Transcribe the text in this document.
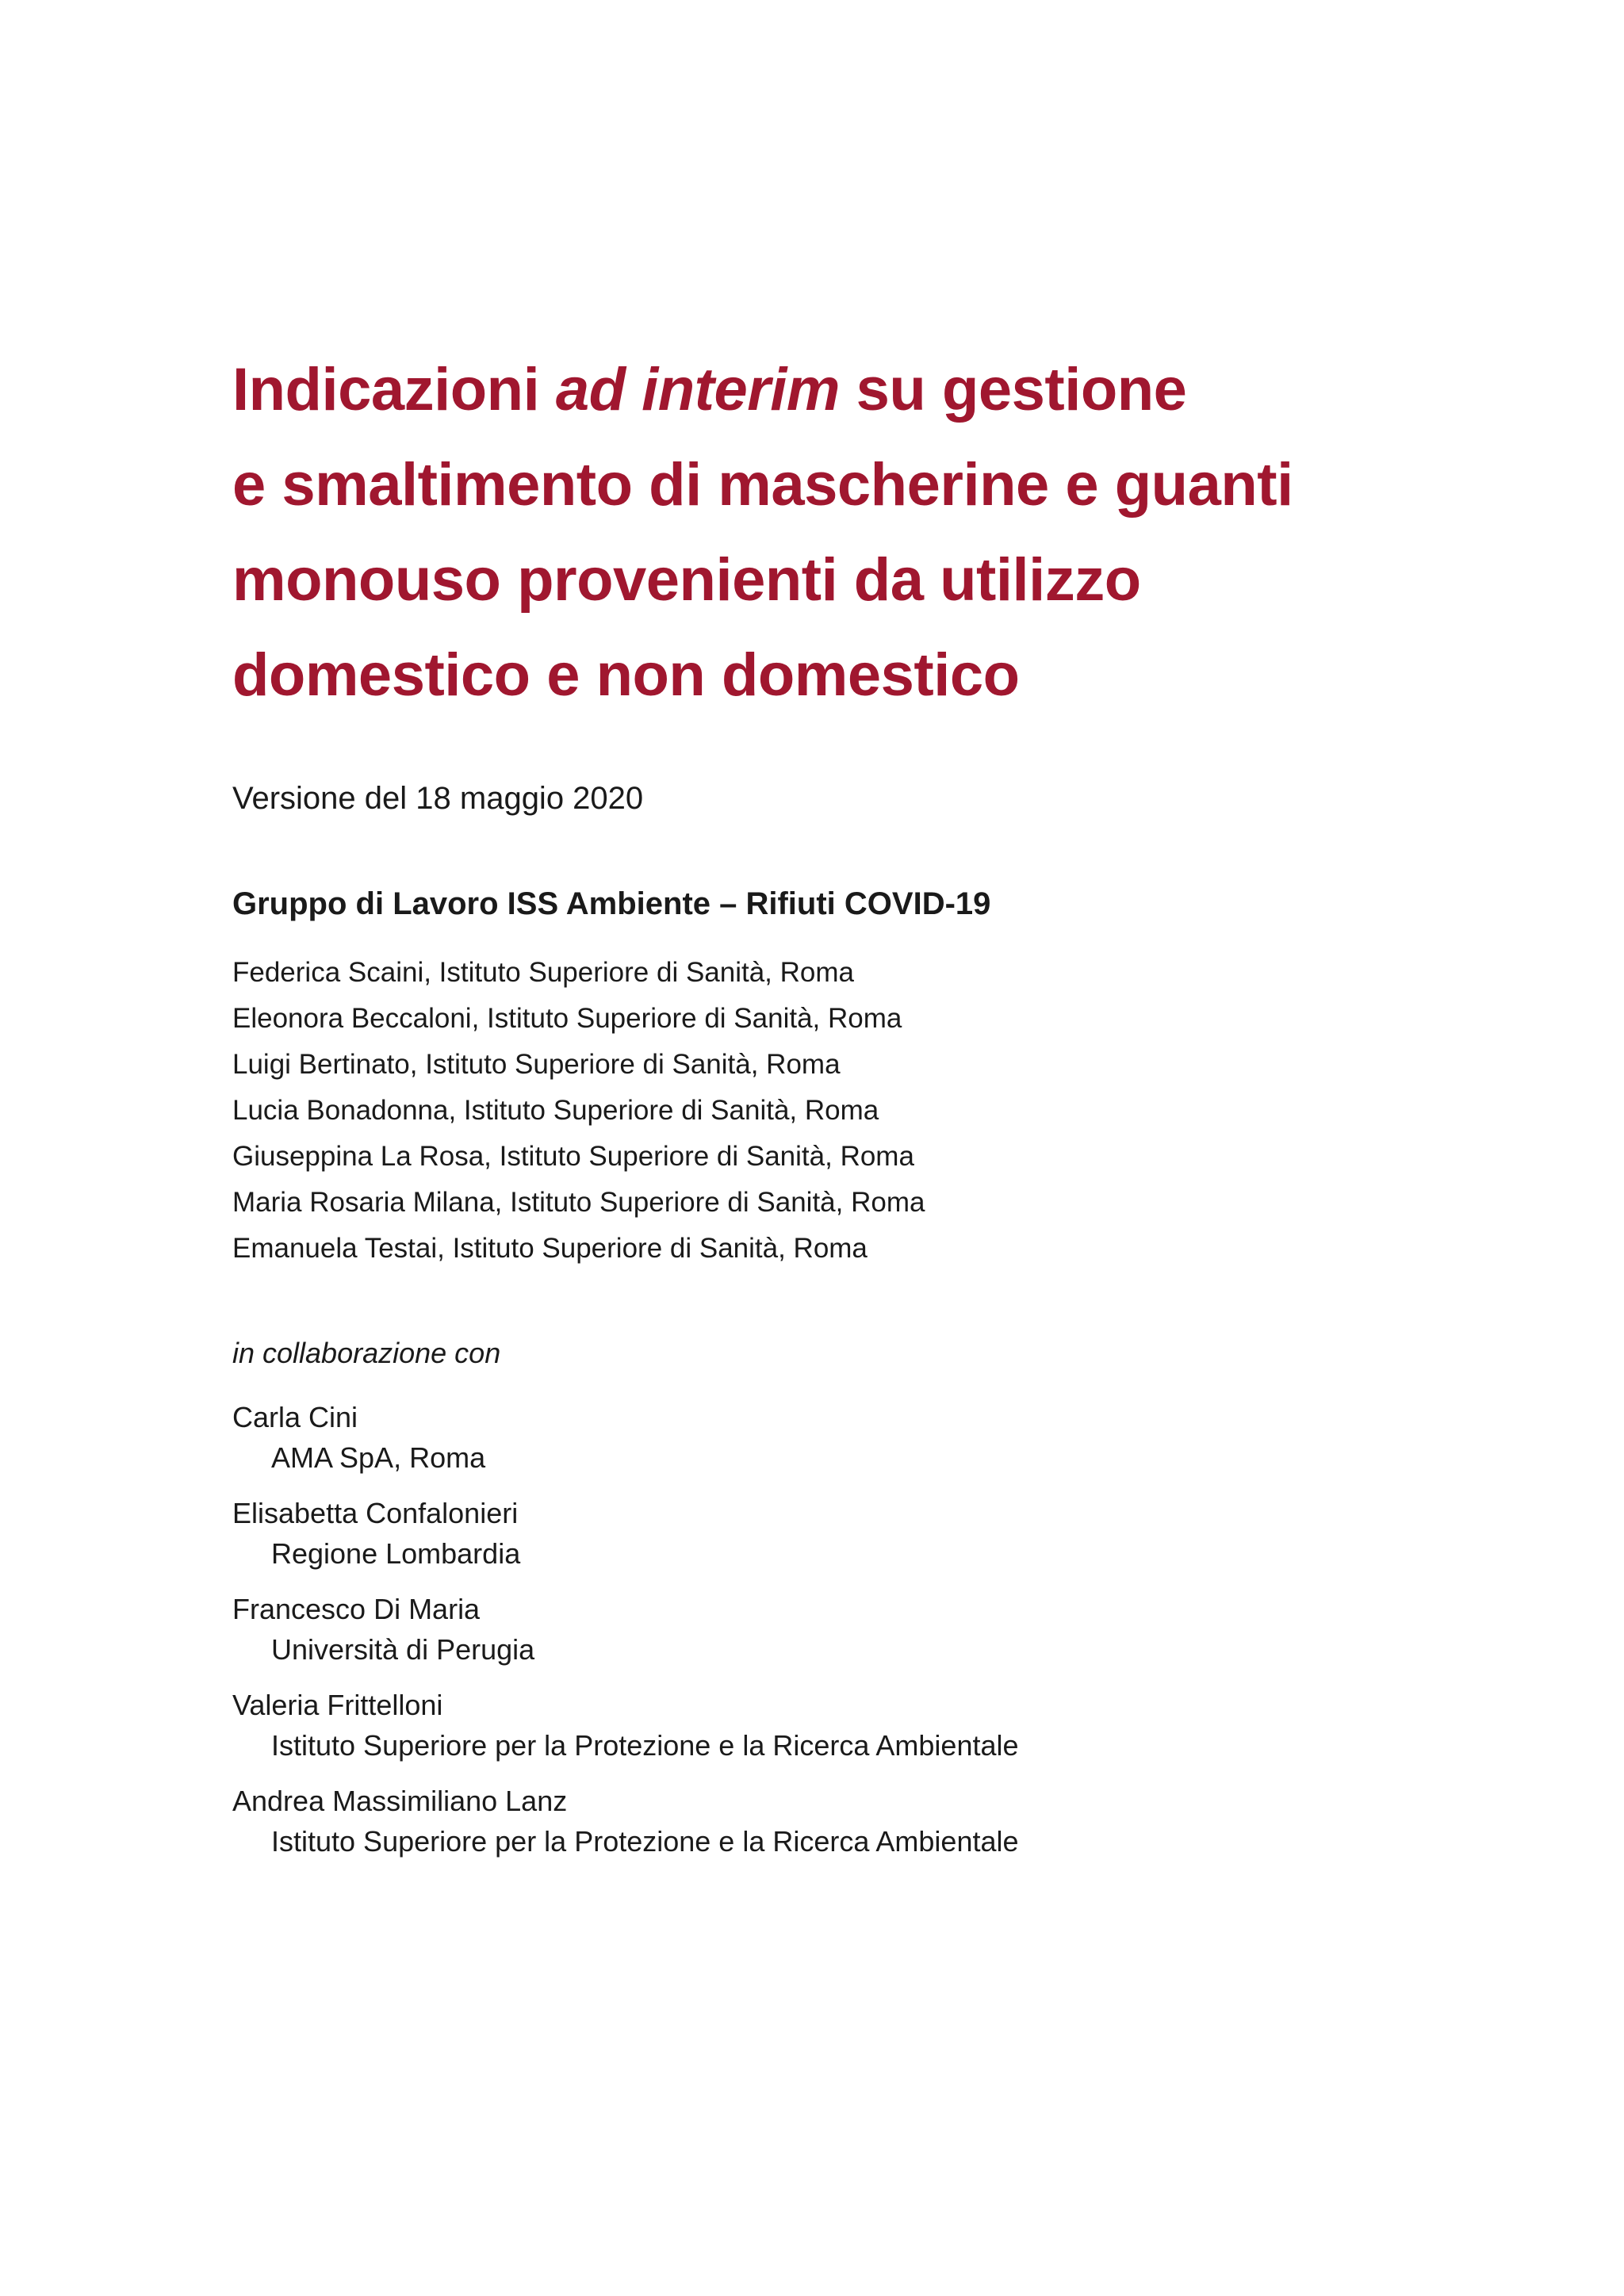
Indicazioni ad interim su gestione
e smaltimento di mascherine e guanti
monouso provenienti da utilizzo
domestico e non domestico
Versione del 18 maggio 2020
Gruppo di Lavoro ISS Ambiente – Rifiuti COVID-19
Federica Scaini, Istituto Superiore di Sanità, Roma
Eleonora Beccaloni, Istituto Superiore di Sanità, Roma
Luigi Bertinato, Istituto Superiore di Sanità, Roma
Lucia Bonadonna, Istituto Superiore di Sanità, Roma
Giuseppina La Rosa, Istituto Superiore di Sanità, Roma
Maria Rosaria Milana, Istituto Superiore di Sanità, Roma
Emanuela Testai, Istituto Superiore di Sanità, Roma
in collaborazione con
Carla Cini
AMA SpA, Roma
Elisabetta Confalonieri
Regione Lombardia
Francesco Di Maria
Università di Perugia
Valeria Frittelloni
Istituto Superiore per la Protezione e la Ricerca Ambientale
Andrea Massimiliano Lanz
Istituto Superiore per la Protezione e la Ricerca Ambientale
